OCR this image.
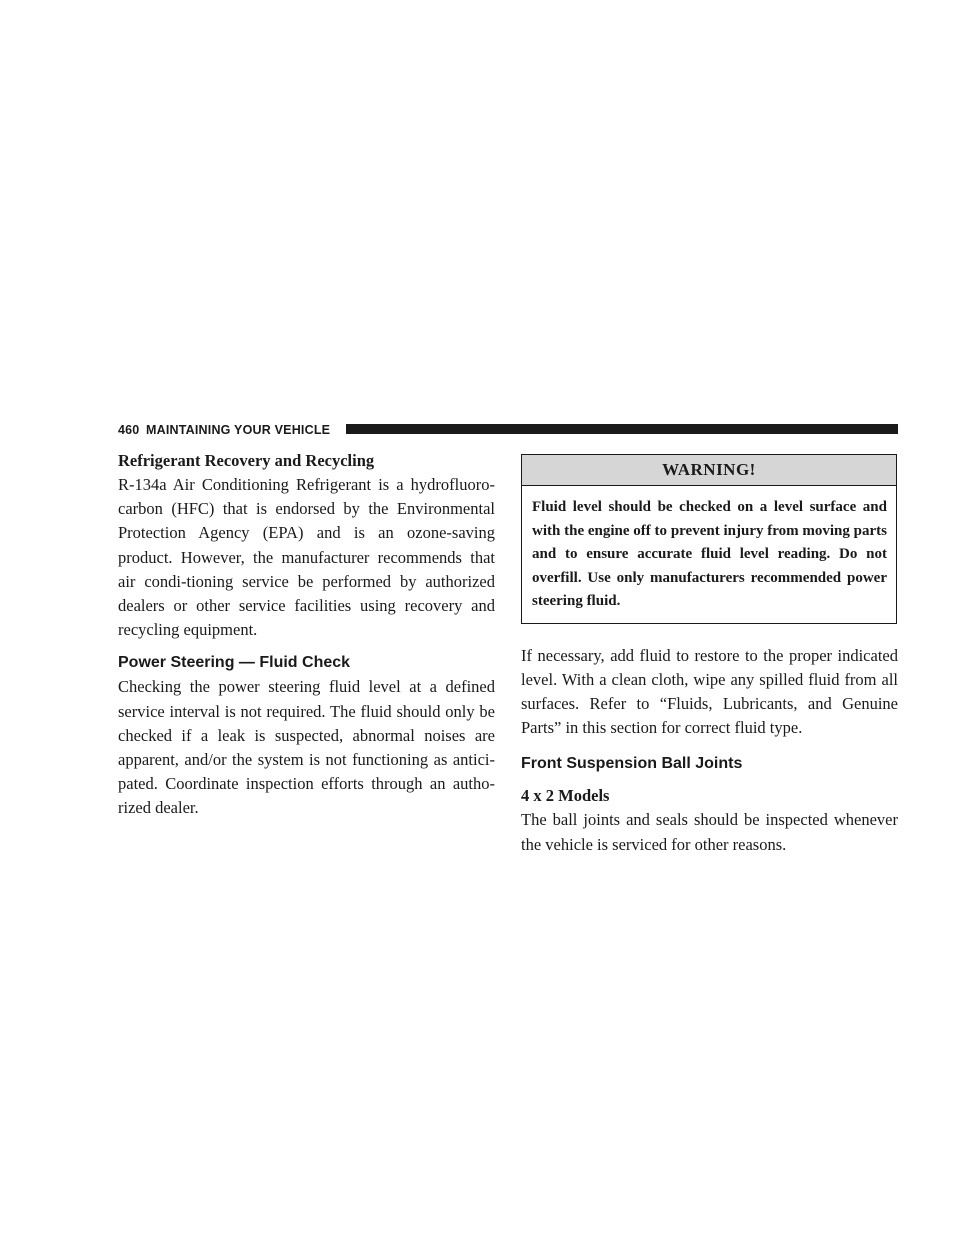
460 MAINTAINING YOUR VEHICLE
Refrigerant Recovery and Recycling

R-134a Air Conditioning Refrigerant is a hydrofluoro-carbon (HFC) that is endorsed by the Environmental Protection Agency (EPA) and is an ozone-saving product. However, the manufacturer recommends that air condi-tioning service be performed by authorized dealers or other service facilities using recovery and recycling equipment.

Power Steering — Fluid Check

Checking the power steering fluid level at a defined service interval is not required. The fluid should only be checked if a leak is suspected, abnormal noises are apparent, and/or the system is not functioning as antici-pated. Coordinate inspection efforts through an autho-rized dealer.

WARNING!
Fluid level should be checked on a level surface and with the engine off to prevent injury from moving parts and to ensure accurate fluid level reading. Do not overfill. Use only manufacturers recommended power steering fluid.

If necessary, add fluid to restore to the proper indicated level. With a clean cloth, wipe any spilled fluid from all surfaces. Refer to “Fluids, Lubricants, and Genuine Parts” in this section for correct fluid type.

Front Suspension Ball Joints
4 x 2 Models

The ball joints and seals should be inspected whenever the vehicle is serviced for other reasons.
